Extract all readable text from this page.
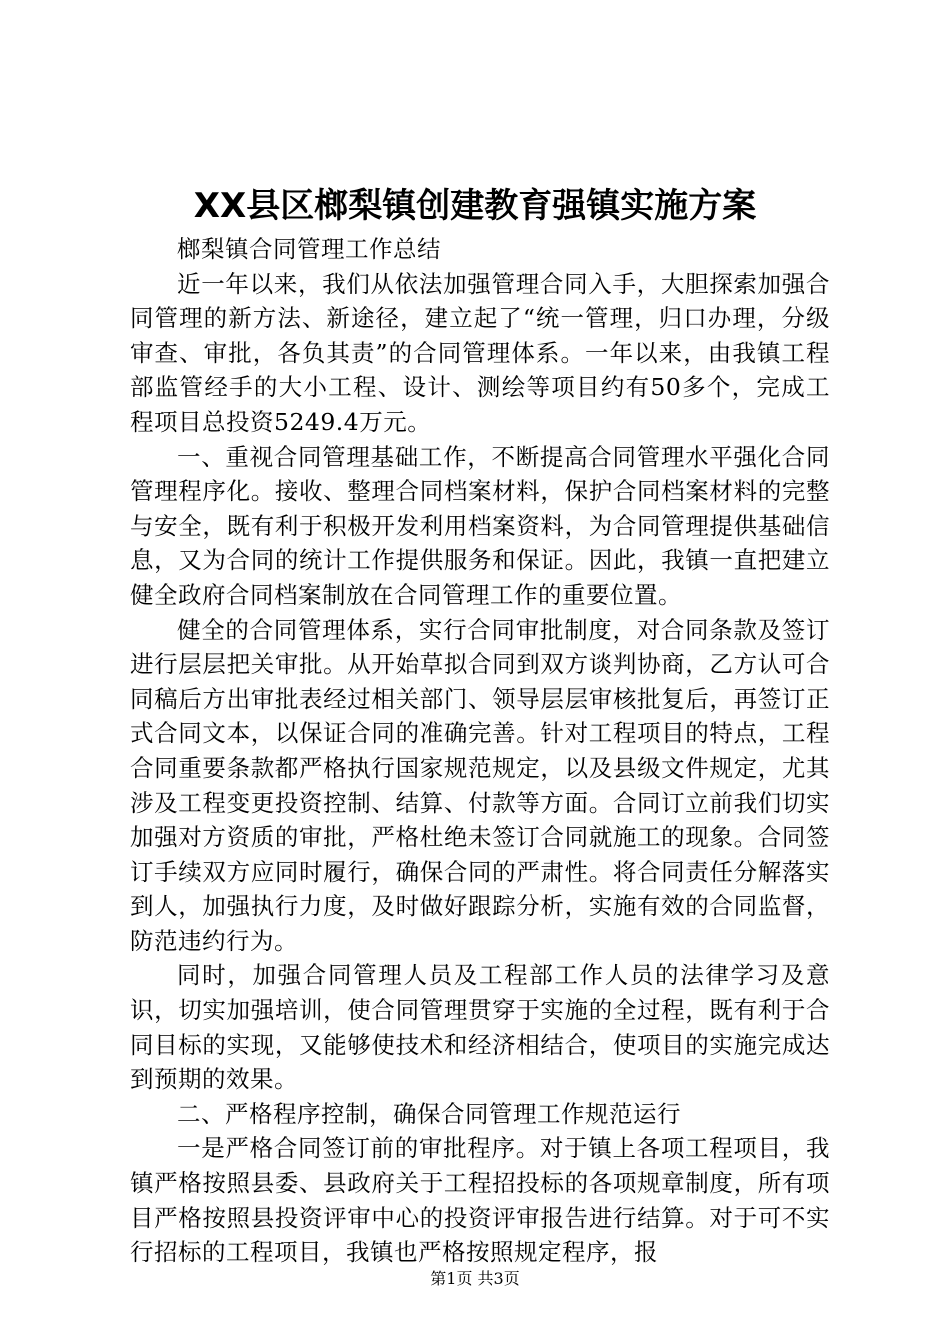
XX县区榔梨镇创建教育强镇实施方案

榔梨镇合同管理工作总结

近一年以来，我们从依法加强管理合同入手，大胆探索加强合同管理的新方法、新途径，建立起了“统一管理，归口办理，分级审查、审批，各负其责”的合同管理体系。一年以来，由我镇工程部监管经手的大小工程、设计、测绘等项目约有50多个，完成工程项目总投资5249.4万元。

一、重视合同管理基础工作，不断提高合同管理水平强化合同管理程序化。接收、整理合同档案材料，保护合同档案材料的完整与安全，既有利于积极开发利用档案资料，为合同管理提供基础信息，又为合同的统计工作提供服务和保证。因此，我镇一直把建立健全政府合同档案制放在合同管理工作的重要位置。

健全的合同管理体系，实行合同审批制度，对合同条款及签订进行层层把关审批。从开始草拟合同到双方谈判协商，乙方认可合同稿后方出审批表经过相关部门、领导层层审核批复后，再签订正式合同文本，以保证合同的准确完善。针对工程项目的特点，工程合同重要条款都严格执行国家规范规定，以及县级文件规定，尤其涉及工程变更投资控制、结算、付款等方面。合同订立前我们切实加强对方资质的审批，严格杜绝未签订合同就施工的现象。合同签订手续双方应同时履行，确保合同的严肃性。将合同责任分解落实到人，加强执行力度，及时做好跟踪分析，实施有效的合同监督，防范违约行为。

同时，加强合同管理人员及工程部工作人员的法律学习及意识，切实加强培训，使合同管理贯穿于实施的全过程，既有利于合同目标的实现，又能够使技术和经济相结合，使项目的实施完成达到预期的效果。

二、严格程序控制，确保合同管理工作规范运行

一是严格合同签订前的审批程序。对于镇上各项工程项目，我镇严格按照县委、县政府关于工程招投标的各项规章制度，所有项目严格按照县投资评审中心的投资评审报告进行结算。对于可不实行招标的工程项目，我镇也严格按照规定程序，报

第1页 共3页
